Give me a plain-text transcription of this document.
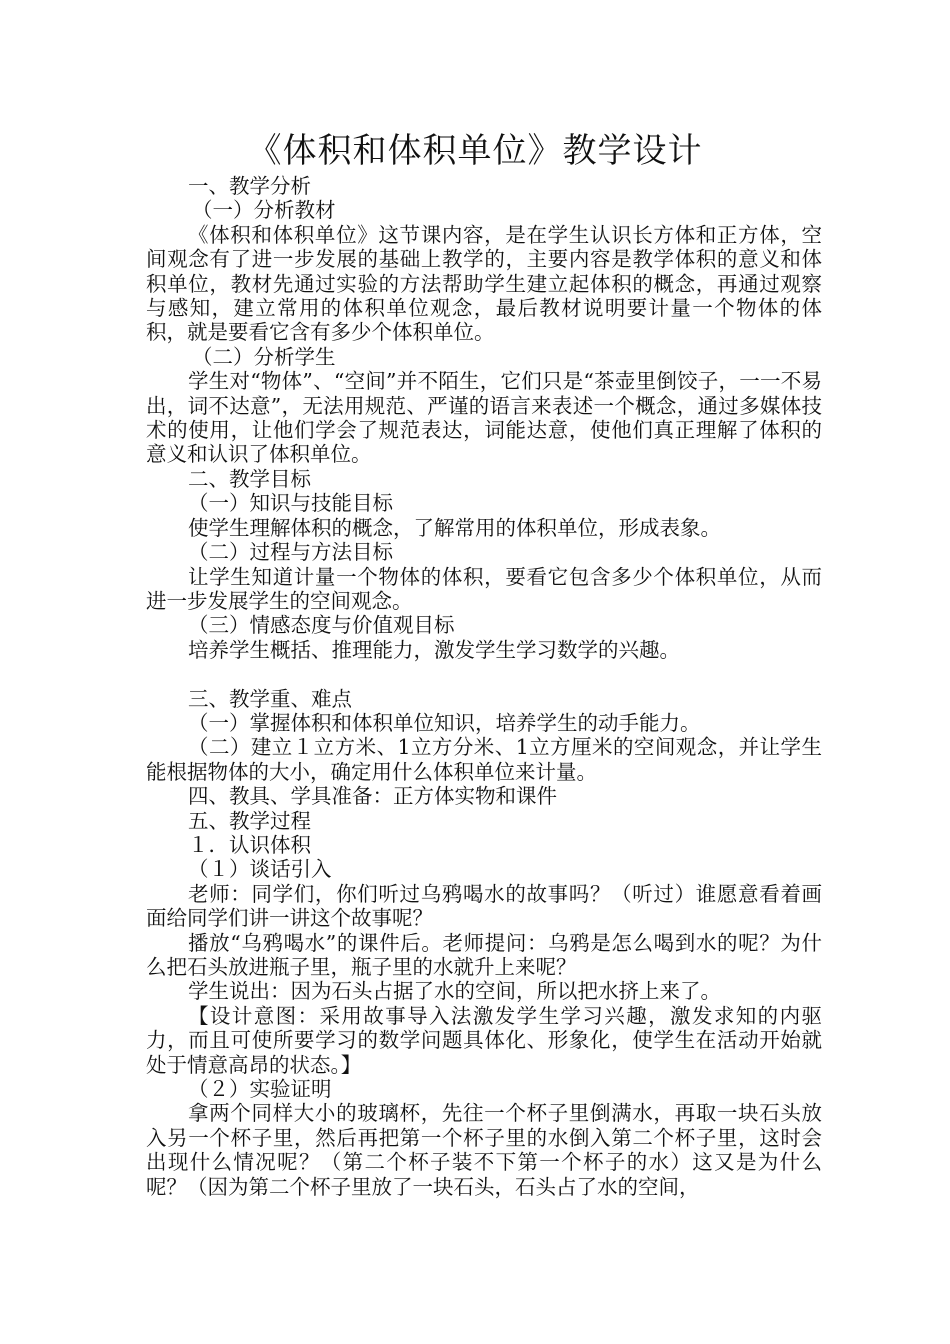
《体积和体积单位》教学设计

一、教学分析

（一）分析教材

《体积和体积单位》这节课内容，是在学生认识长方体和正方体，空间观念有了进一步发展的基础上教学的，主要内容是教学体积的意义和体积单位，教材先通过实验的方法帮助学生建立起体积的概念，再通过观察与感知，建立常用的体积单位观念，最后教材说明要计量一个物体的体积，就是要看它含有多少个体积单位。

（二）分析学生

学生对“物体”、“空间”并不陌生，它们只是“茶壶里倒饺子，一一不易出，词不达意”，无法用规范、严谨的语言来表述一个概念，通过多媒体技术的使用，让他们学会了规范表达，词能达意，使他们真正理解了体积的意义和认识了体积单位。

二、教学目标

（一）知识与技能目标

使学生理解体积的概念，了解常用的体积单位，形成表象。

（二）过程与方法目标

让学生知道计量一个物体的体积，要看它包含多少个体积单位，从而进一步发展学生的空间观念。

（三）情感态度与价值观目标

培养学生概括、推理能力，激发学生学习数学的兴趣。

三、教学重、难点

（一）掌握体积和体积单位知识，培养学生的动手能力。

（二）建立１立方米、1立方分米、1立方厘米的空间观念，并让学生能根据物体的大小，确定用什么体积单位来计量。

四、教具、学具准备：正方体实物和课件

五、教学过程

１．认识体积

（１）谈话引入

老师：同学们，你们听过乌鸦喝水的故事吗？（听过）谁愿意看着画面给同学们讲一讲这个故事呢？

播放“乌鸦喝水”的课件后。老师提问：乌鸦是怎么喝到水的呢？为什么把石头放进瓶子里，瓶子里的水就升上来呢？

学生说出：因为石头占据了水的空间，所以把水挤上来了。

【设计意图：采用故事导入法激发学生学习兴趣，激发求知的内驱力，而且可使所要学习的数学问题具体化、形象化，使学生在活动开始就处于情意高昂的状态。】

（２）实验证明

拿两个同样大小的玻璃杯，先往一个杯子里倒满水，再取一块石头放入另一个杯子里，然后再把第一个杯子里的水倒入第二个杯子里，这时会出现什么情况呢？（第二个杯子装不下第一个杯子的水）这又是为什么呢？（因为第二个杯子里放了一块石头，石头占了水的空间，
